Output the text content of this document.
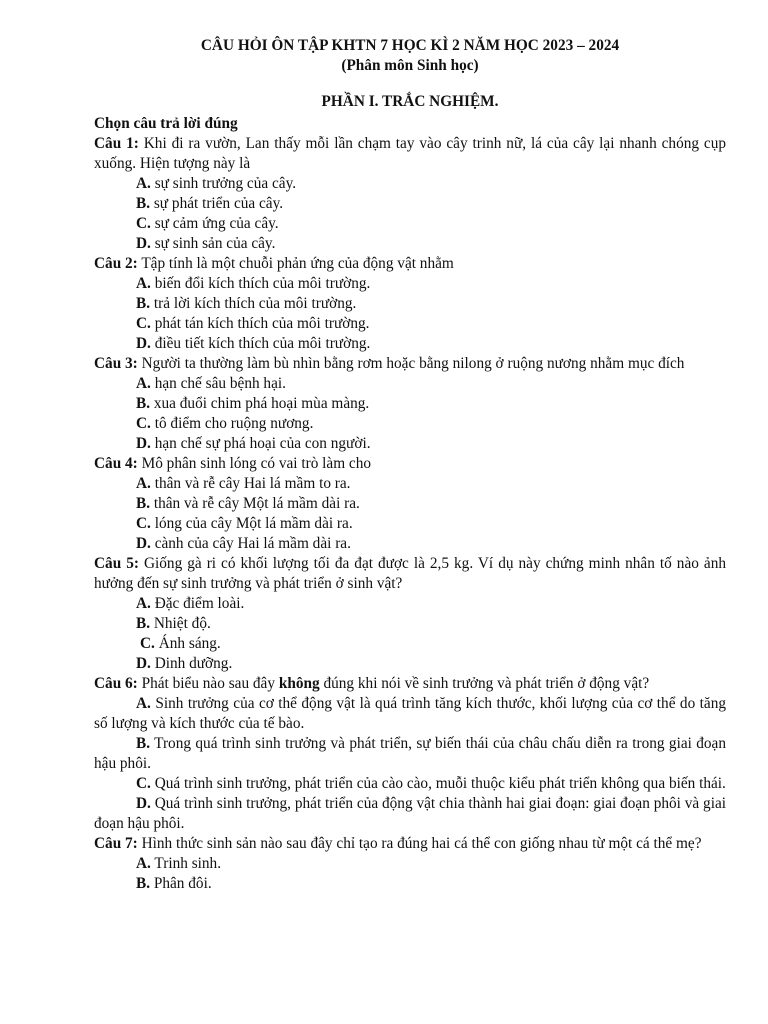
CÂU HỎI ÔN TẬP KHTN 7 HỌC KÌ 2 NĂM HỌC 2023 – 2024

(Phân môn Sinh học)

PHẦN I. TRẮC NGHIỆM.

Chọn câu trả lời đúng

Câu 1: Khi đi ra vườn, Lan thấy mỗi lần chạm tay vào cây trinh nữ, lá của cây lại nhanh chóng cụp xuống. Hiện tượng này là

A. sự sinh trưởng của cây.

B. sự phát triển của cây.

C. sự cảm ứng của cây.

D. sự sinh sản của cây.

Câu 2: Tập tính là một chuỗi phản ứng của động vật nhằm

A. biến đổi kích thích của môi trường.

B. trả lời kích thích của môi trường.

C. phát tán kích thích của môi trường.

D. điều tiết kích thích của môi trường.

Câu 3: Người ta thường làm bù nhìn bằng rơm hoặc bằng nilong ở ruộng nương nhằm mục đích

A. hạn chế sâu bệnh hại.

B. xua đuổi chim phá hoại mùa màng.

C. tô điểm cho ruộng nương.

D. hạn chế sự phá hoại của con người.

Câu 4: Mô phân sinh lóng có vai trò làm cho

A. thân và rễ cây Hai lá mầm to ra.

B. thân và rễ cây Một lá mầm dài ra.

C. lóng của cây Một lá mầm dài ra.

D. cành của cây Hai lá mầm dài ra.

Câu 5: Giống gà ri có khối lượng tối đa đạt được là 2,5 kg. Ví dụ này chứng minh nhân tố nào ảnh hưởng đến sự sinh trưởng và phát triển ở sinh vật?

A. Đặc điểm loài.

B. Nhiệt độ.

C. Ánh sáng.

D. Dinh dưỡng.

Câu 6: Phát biểu nào sau đây không đúng khi nói về sinh trưởng và phát triển ở động vật?

A. Sinh trưởng của cơ thể động vật là quá trình tăng kích thước, khối lượng của cơ thể do tăng số lượng và kích thước của tế bào.

B. Trong quá trình sinh trưởng và phát triển, sự biến thái của châu chấu diễn ra trong giai đoạn hậu phôi.

C. Quá trình sinh trưởng, phát triển của cào cào, muỗi thuộc kiểu phát triển không qua biến thái.

D. Quá trình sinh trưởng, phát triển của động vật chia thành hai giai đoạn: giai đoạn phôi và giai đoạn hậu phôi.

Câu 7: Hình thức sinh sản nào sau đây chỉ tạo ra đúng hai cá thể con giống nhau từ một cá thể mẹ?

A. Trinh sinh.

B. Phân đôi.
